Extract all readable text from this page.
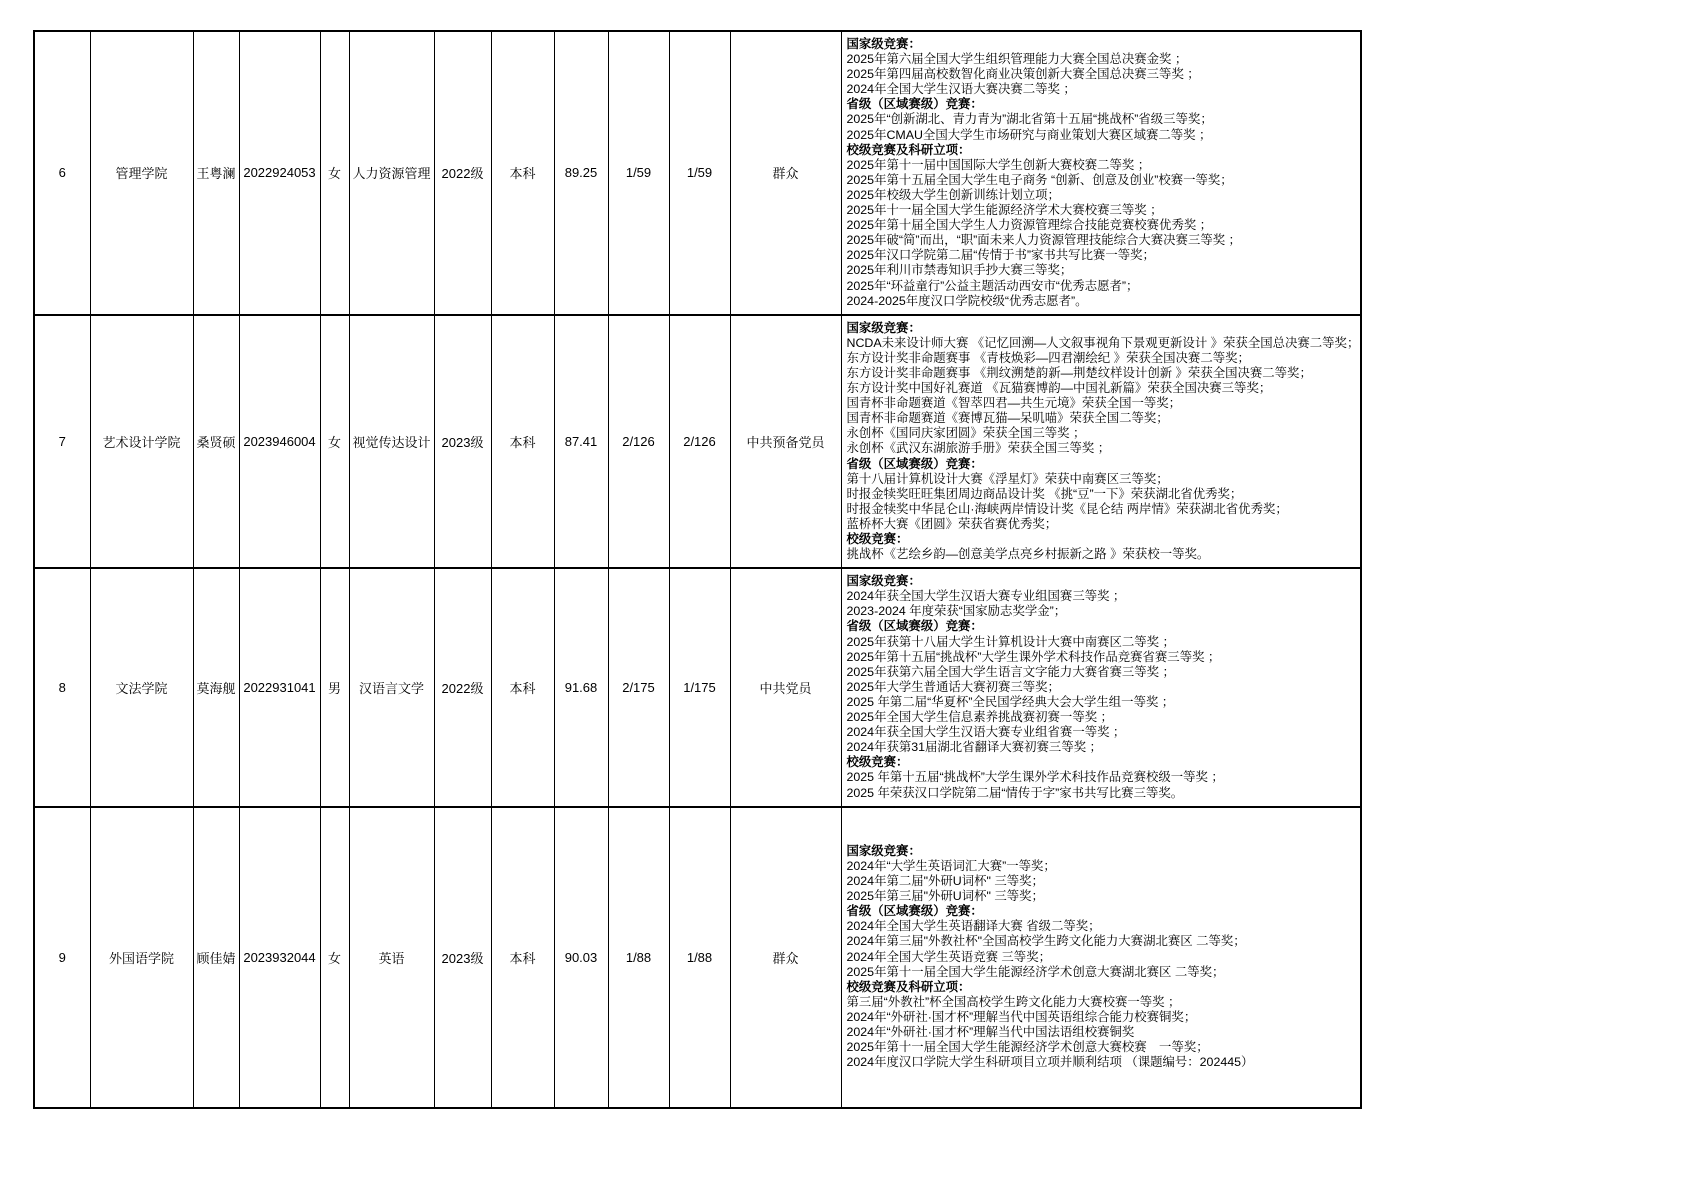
6	管理学院	王粤澜	2022924053	女	人力资源管理	2022级	本科	89.25	1/59	1/59	群众	
国家级竞赛：
2025年第六届全国大学生组织管理能力大赛全国总决赛金奖 ；
2025年第四届高校数智化商业决策创新大赛全国总决赛三等奖 ；
2024年全国大学生汉语大赛决赛二等奖 ；
省级（区域赛级）竞赛：
2025年“创新湖北、青力青为”湖北省第十五届“挑战杯”省级三等奖；
2025年CMAU全国大学生市场研究与商业策划大赛区域赛二等奖 ；
校级竞赛及科研立项：
2025年第十一届中国国际大学生创新大赛校赛二等奖 ；
2025年第十五届全国大学生电子商务 “创新、创意及创业”校赛一等奖；
2025年校级大学生创新训练计划立项；
2025年十一届全国大学生能源经济学术大赛校赛三等奖 ；
2025年第十届全国大学生人力资源管理综合技能竞赛校赛优秀奖 ；
2025年破“简”而出，“职”面未来人力资源管理技能综合大赛决赛三等奖 ；
2025年汉口学院第二届“传情于书”家书共写比赛一等奖；
2025年利川市禁毒知识手抄大赛三等奖；
2025年“环益童行”公益主题活动西安市“优秀志愿者”；
2024-2025年度汉口学院校级“优秀志愿者”。

7	艺术设计学院	桑贤硕	2023946004	女	视觉传达设计	2023级	本科	87.41	2/126	2/126	中共预备党员	
国家级竞赛：
NCDA未来设计师大赛 《记忆回溯—人文叙事视角下景观更新设计 》荣获全国总决赛二等奖；
东方设计奖非命题赛事 《青枝焕彩—四君潮绘纪 》荣获全国决赛二等奖；
东方设计奖非命题赛事 《荆纹溯楚韵新—荆楚纹样设计创新 》荣获全国决赛二等奖；
东方设计奖中国好礼赛道 《瓦猫赛博韵—中国礼新篇》荣获全国决赛三等奖；
国青杯非命题赛道《智萃四君—共生元境》荣获全国一等奖；
国青杯非命题赛道《赛博瓦猫—呆叽喵》荣获全国二等奖；
永创杯《国同庆家团圆》荣获全国三等奖 ；
永创杯《武汉东湖旅游手册》荣获全国三等奖 ；
省级（区域赛级）竞赛：
第十八届计算机设计大赛《浮星灯》荣获中南赛区三等奖；
时报金犊奖旺旺集团周边商品设计奖 《挑“豆”一下》荣获湖北省优秀奖；
时报金犊奖中华昆仑山·海峡两岸情设计奖《昆仑结 两岸情》荣获湖北省优秀奖；
蓝桥杯大赛《团圆》荣获省赛优秀奖；
校级竞赛：
挑战杯《艺绘乡韵—创意美学点亮乡村振新之路 》荣获校一等奖。

8	文法学院	莫海舰	2022931041	男	汉语言文学	2022级	本科	91.68	2/175	1/175	中共党员	
国家级竞赛：
2024年获全国大学生汉语大赛专业组国赛三等奖 ；
2023-2024 年度荣获“国家励志奖学金”；
省级（区域赛级）竞赛：
2025年获第十八届大学生计算机设计大赛中南赛区二等奖 ；
2025年第十五届“挑战杯”大学生课外学术科技作品竞赛省赛三等奖 ；
2025年获第六届全国大学生语言文字能力大赛省赛三等奖 ；
2025年大学生普通话大赛初赛三等奖；
2025 年第二届“华夏杯”全民国学经典大会大学生组一等奖 ；
2025年全国大学生信息素养挑战赛初赛一等奖 ；
2024年获全国大学生汉语大赛专业组省赛一等奖 ；
2024年获第31届湖北省翻译大赛初赛三等奖 ；
校级竞赛：
2025 年第十五届“挑战杯”大学生课外学术科技作品竞赛校级一等奖 ；
2025 年荣获汉口学院第二届“情传于字”家书共写比赛三等奖。

9	外国语学院	顾佳婧	2023932044	女	英语	2023级	本科	90.03	1/88	1/88	群众	
国家级竞赛：
2024年“大学生英语词汇大赛”一等奖；
2024年第二届"外研U词杯" 三等奖；
2025年第三届"外研U词杯" 三等奖；
省级（区域赛级）竞赛：
2024年全国大学生英语翻译大赛 省级二等奖；
2024年第三届"外教社杯"全国高校学生跨文化能力大赛湖北赛区 二等奖；
2024年全国大学生英语竞赛 三等奖；
2025年第十一届全国大学生能源经济学术创意大赛湖北赛区 二等奖；
校级竞赛及科研立项：
第三届“外教社”杯全国高校学生跨文化能力大赛校赛一等奖 ；
2024年“外研社·国才杯”理解当代中国英语组综合能力校赛铜奖；
2024年“外研社·国才杯”理解当代中国法语组校赛铜奖
2025年第十一届全国大学生能源经济学术创意大赛校赛　一等奖；
2024年度汉口学院大学生科研项目立项并顺利结项 （课题编号：202445）
